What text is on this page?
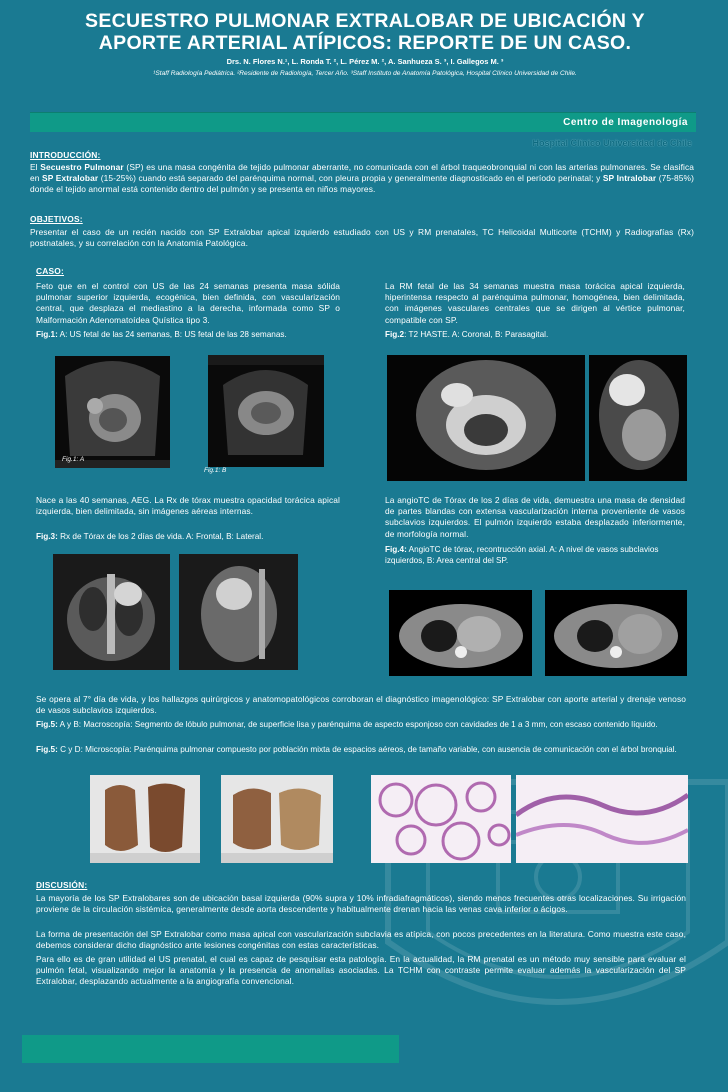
SECUESTRO PULMONAR EXTRALOBAR DE UBICACIÓN Y
APORTE ARTERIAL ATÍPICOS: REPORTE DE UN CASO.
Drs. N. Flores N.¹, L. Ronda T. ², L. Pérez M. ², A. Sanhueza S. ³, I. Gallegos M. ³
¹Staff Radiología Pediátrica. ²Residente de Radiología, Tercer Año. ³Staff Instituto de Anatomía Patológica, Hospital Clínico Universidad de Chile.
Centro de Imagenología
Hospital Clínico Universidad de Chile
INTRODUCCIÓN:
El Secuestro Pulmonar (SP) es una masa congénita de tejido pulmonar aberrante, no comunicada con el árbol traqueobronquial ni con las arterias pulmonares. Se clasifica en SP Extralobar (15-25%) cuando está separado del parénquima normal, con pleura propia y generalmente diagnosticado en el período perinatal; y SP Intralobar (75-85%) donde el tejido anormal está contenido dentro del pulmón y se presenta en niños mayores.
OBJETIVOS:
Presentar el caso de un recién nacido con SP Extralobar apical izquierdo estudiado con US y RM prenatales, TC Helicoidal Multicorte (TCHM) y Radiografías (Rx) postnatales, y su correlación con la Anatomía Patológica.
CASO:
Feto que en el control con US de las 24 semanas presenta masa sólida pulmonar superior izquierda, ecogénica, bien definida, con vascularización central, que desplaza el mediastino a la derecha, informada como SP o Malformación Adenomatoídea Quística tipo 3.
Fig.1: A: US fetal de las 24 semanas, B: US fetal de las 28 semanas.
La RM fetal de las 34 semanas muestra masa torácica apical izquierda, hiperintensa respecto al parénquima pulmonar, homogénea, bien delimitada, con imágenes vasculares centrales que se dirigen al vértice pulmonar, compatible con SP.
Fig.2: T2 HASTE. A: Coronal, B: Parasagital.
Fig.1: A
Fig.1: B
Nace a las 40 semanas, AEG. La Rx de tórax muestra opacidad torácica apical izquierda, bien delimitada, sin imágenes aéreas internas.
Fig.3: Rx de Tórax de los 2 días de vida. A: Frontal, B: Lateral.
La angioTC de Tórax de los 2 días de vida, demuestra una masa de densidad de partes blandas con extensa vascularización interna proveniente de vasos subclavios izquierdos. El pulmón izquierdo estaba desplazado inferiormente, de morfología normal.
Fig.4: AngioTC de tórax, recontrucción axial. A: A nivel de vasos subclavios izquierdos, B: Area central del SP.
Se opera al 7° día de vida, y los hallazgos quirúrgicos y anatomopatológicos corroboran el diagnóstico imagenológico: SP Extralobar con aporte arterial y drenaje venoso de vasos subclavios izquierdos.
Fig.5: A y B: Macroscopía: Segmento de lóbulo pulmonar, de superficie lisa y parénquima de aspecto esponjoso con cavidades de 1 a 3 mm, con escaso contenido líquido.
Fig.5: C y D: Microscopía: Parénquima pulmonar compuesto por población mixta de espacios aéreos, de tamaño variable, con ausencia de comunicación con el árbol bronquial.
DISCUSIÓN:
La mayoría de los SP Extralobares son de ubicación basal izquierda (90% supra y 10% infradiafragmáticos), siendo menos frecuentes otras localizaciones. Su irrigación proviene de la circulación sistémica, generalmente desde aorta descendente y habitualmente drenan hacia las venas cava inferior o ácigos.
La forma de presentación del SP Extralobar como masa apical con vascularización subclavia es atípica, con pocos precedentes en la literatura. Como muestra este caso, debemos considerar dicho diagnóstico ante lesiones congénitas con estas características.
Para ello es de gran utilidad el US prenatal, el cual es capaz de pesquisar esta patología. En la actualidad, la RM prenatal es un método muy sensible para evaluar el pulmón fetal, visualizando mejor la anatomía y la presencia de anomalías asociadas. La TCHM con contraste permite evaluar además la vascularización del SP Extralobar, desplazando actualmente a la angiografía convencional.
